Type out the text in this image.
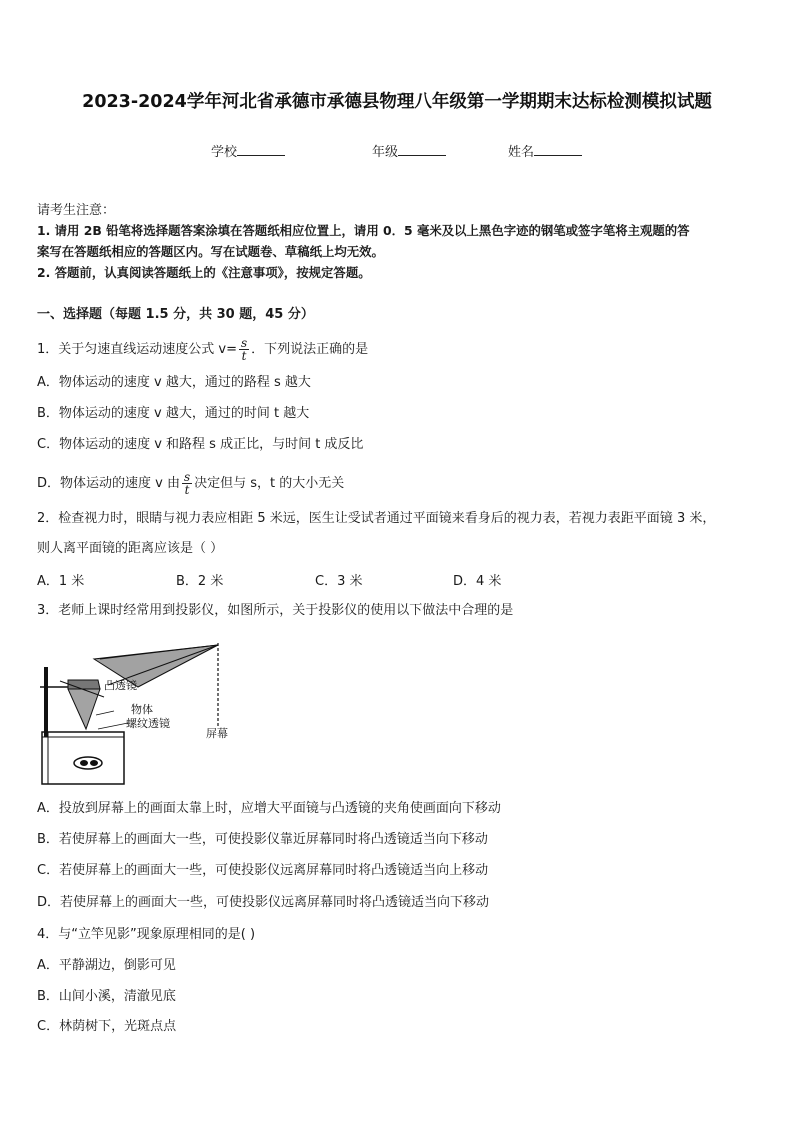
2023-2024学年河北省承德市承德县物理八年级第一学期期末达标检测模拟试题
学校	年级	姓名
请考生注意：
1. 请用 2B 铅笔将选择题答案涂填在答题纸相应位置上，请用 0．5 毫米及以上黑色字迹的钢笔或签字笔将主观题的答
案写在答题纸相应的答题区内。写在试题卷、草稿纸上均无效。
2. 答题前，认真阅读答题纸上的《注意事项》，按规定答题。
一、选择题（每题 1.5 分，共 30 题，45 分）
1．关于匀速直线运动速度公式 $v= \frac{s}{t}$ ．下列说法正确的是
A．物体运动的速度 v 越大，通过的路程 s 越大
B．物体运动的速度 v 越大，通过的时间 t 越大
C．物体运动的速度 v 和路程 s 成正比，与时间 t 成反比
D．物体运动的速度 v 由 $\frac{s}{t}$ 决定但与 s，t 的大小无关
2．检查视力时，眼睛与视力表应相距 5 米远，医生让受试者通过平面镜来看身后的视力表，若视力表距平面镜 3 米，
则人离平面镜的距离应该是（ ）
A．1 米	B．2 米	C．3 米	D．4 米
3．老师上课时经常用到投影仪，如图所示，关于投影仪的使用以下做法中合理的是
凸透镜
物体
螺纹透镜
屏幕
A．投放到屏幕上的画面太靠上时，应增大平面镜与凸透镜的夹角使画面向下移动
B．若使屏幕上的画面大一些，可使投影仪靠近屏幕同时将凸透镜适当向下移动
C．若使屏幕上的画面大一些，可使投影仪远离屏幕同时将凸透镜适当向上移动
D．若使屏幕上的画面大一些，可使投影仪远离屏幕同时将凸透镜适当向下移动
4．与“立竿见影”现象原理相同的是( )
A．平静湖边，倒影可见
B．山间小溪，清澈见底
C．林荫树下，光斑点点
